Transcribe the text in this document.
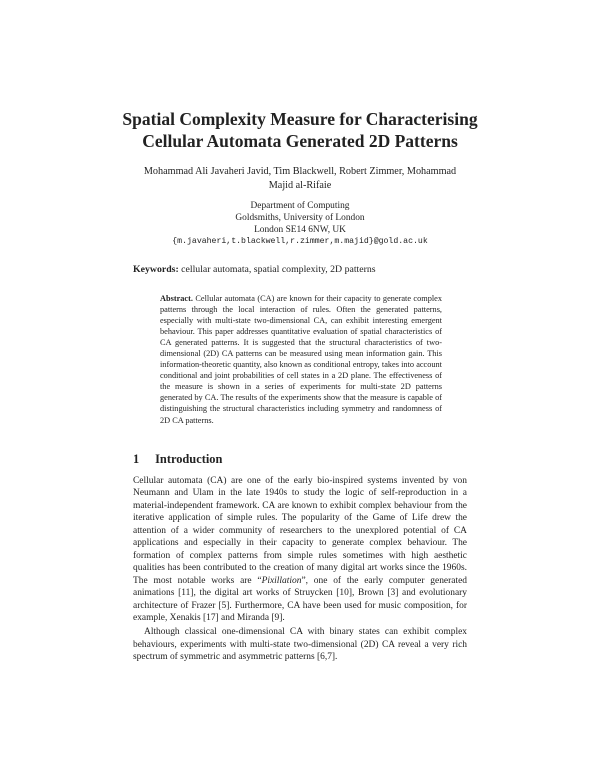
Spatial Complexity Measure for Characterising
Cellular Automata Generated 2D Patterns
Mohammad Ali Javaheri Javid, Tim Blackwell, Robert Zimmer, Mohammad
Majid al-Rifaie
Department of Computing
Goldsmiths, University of London
London SE14 6NW, UK
{m.javaheri,t.blackwell,r.zimmer,m.majid}@gold.ac.uk
Keywords: cellular automata, spatial complexity, 2D patterns
Abstract. Cellular automata (CA) are known for their capacity to generate complex patterns through the local interaction of rules. Often the generated patterns, especially with multi-state two-dimensional CA, can exhibit interesting emergent behaviour. This paper addresses quantitative evaluation of spatial characteristics of CA generated patterns. It is suggested that the structural characteristics of two-dimensional (2D) CA patterns can be measured using mean information gain. This information-theoretic quantity, also known as conditional entropy, takes into account conditional and joint probabilities of cell states in a 2D plane. The effectiveness of the measure is shown in a series of experiments for multi-state 2D patterns generated by CA. The results of the experiments show that the measure is capable of distinguishing the structural characteristics including symmetry and randomness of 2D CA patterns.
1 Introduction

Cellular automata (CA) are one of the early bio-inspired systems invented by von Neumann and Ulam in the late 1940s to study the logic of self-reproduction in a material-independent framework. CA are known to exhibit complex behaviour from the iterative application of simple rules. The popularity of the Game of Life drew the attention of a wider community of researchers to the unexplored potential of CA applications and especially in their capacity to generate complex behaviour. The formation of complex patterns from simple rules sometimes with high aesthetic qualities has been contributed to the creation of many digital art works since the 1960s. The most notable works are “Pixillation”, one of the early computer generated animations [11], the digital art works of Struycken [10], Brown [3] and evolutionary architecture of Frazer [5]. Furthermore, CA have been used for music composition, for example, Xenakis [17] and Miranda [9].

Although classical one-dimensional CA with binary states can exhibit complex behaviours, experiments with multi-state two-dimensional (2D) CA reveal a very rich spectrum of symmetric and asymmetric patterns [6,7].
